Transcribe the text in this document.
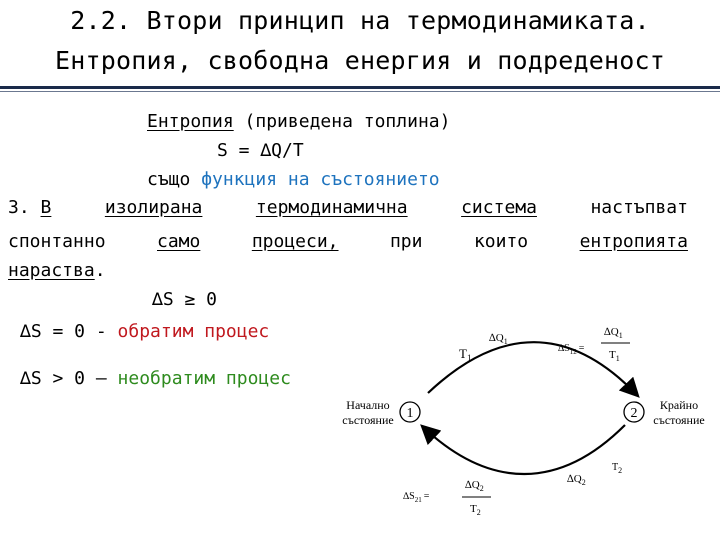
2.2. Втори принцип на термодинамиката.
Ентропия, свободна енергия и подреденост
Ентропия (приведена топлина)
S = ∆Q/T
също функция на състоянието
3. В	изолирана	термодинамична	система	настъпват
спонтанно	само	процеси,	при	които	ентропията
нараства.
∆S ≥ 0
∆S = 0 - обратим процес
∆S > 0 – необратим процес
1	2
Начално
състояние
Крайно
състояние
$T_1$
$\Delta Q_1$
$\Delta S_{12}$ =
$\Delta Q_1$
$T_1$
$T_2$
$\Delta Q_2$
$\Delta S_{21}$ =
$\Delta Q_2$
$T_2$
